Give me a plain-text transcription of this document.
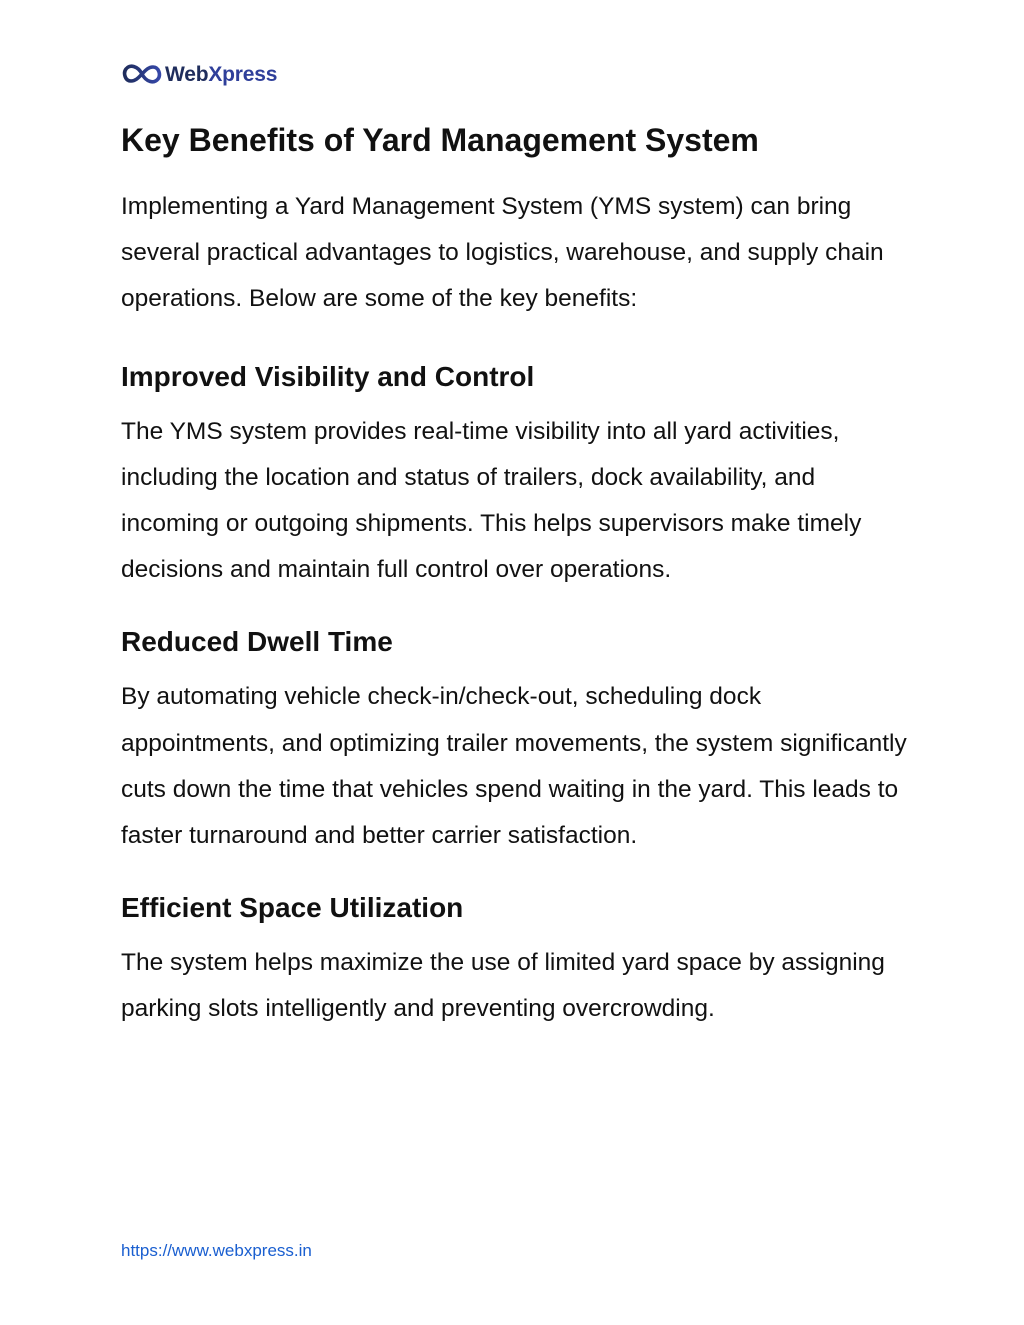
WebXpress
Key Benefits of Yard Management System

Implementing a Yard Management System (YMS system) can bring several practical advantages to logistics, warehouse, and supply chain operations. Below are some of the key benefits:

Improved Visibility and Control

The YMS system provides real-time visibility into all yard activities, including the location and status of trailers, dock availability, and incoming or outgoing shipments. This helps supervisors make timely decisions and maintain full control over operations.

Reduced Dwell Time

By automating vehicle check-in/check-out, scheduling dock appointments, and optimizing trailer movements, the system significantly cuts down the time that vehicles spend waiting in the yard. This leads to faster turnaround and better carrier satisfaction.

Efficient Space Utilization

The system helps maximize the use of limited yard space by assigning parking slots intelligently and preventing overcrowding.

https://www.webxpress.in
